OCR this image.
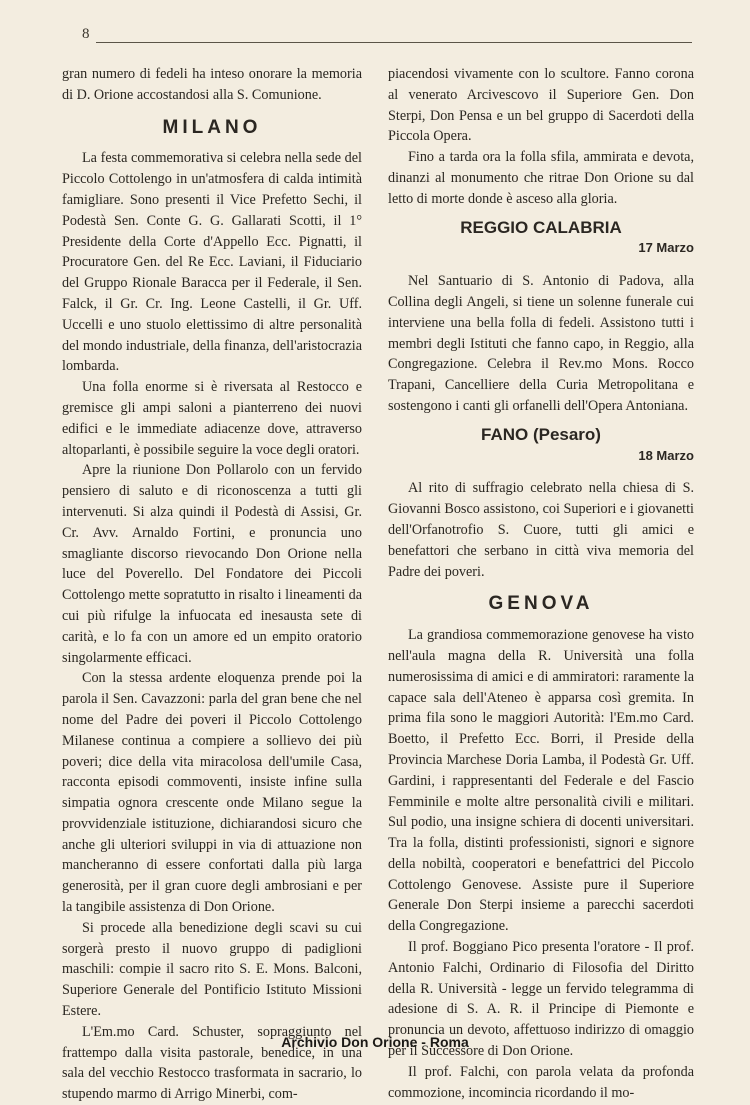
8

gran numero di fedeli ha inteso onorare la memoria di D. Orione accostandosi alla S. Comunione.

MILANO

La festa commemorativa si celebra nella sede del Piccolo Cottolengo in un'atmosfera di calda intimità famigliare. Sono presenti il Vice Prefetto Sechi, il Podestà Sen. Conte G. G. Gallarati Scotti, il 1° Presidente della Corte d'Appello Ecc. Pignatti, il Procuratore Gen. del Re Ecc. Laviani, il Fiduciario del Gruppo Rionale Baracca per il Federale, il Sen. Falck, il Gr. Cr. Ing. Leone Castelli, il Gr. Uff. Uccelli e uno stuolo elettissimo di altre personalità del mondo industriale, della finanza, dell'aristocrazia lombarda.

Una folla enorme si è riversata al Restocco e gremisce gli ampi saloni a pianterreno dei nuovi edifici e le immediate adiacenze dove, attraverso altoparlanti, è possibile seguire la voce degli oratori.

Apre la riunione Don Pollarolo con un fervido pensiero di saluto e di riconoscenza a tutti gli intervenuti. Si alza quindi il Podestà di Assisi, Gr. Cr. Avv. Arnaldo Fortini, e pronuncia uno smagliante discorso rievocando Don Orione nella luce del Poverello. Del Fondatore dei Piccoli Cottolengo mette sopratutto in risalto i lineamenti da cui più rifulge la infuocata ed inesausta sete di carità, e lo fa con un amore ed un empito oratorio singolarmente efficaci.

Con la stessa ardente eloquenza prende poi la parola il Sen. Cavazzoni: parla del gran bene che nel nome del Padre dei poveri il Piccolo Cottolengo Milanese continua a compiere a sollievo dei più poveri; dice della vita miracolosa dell'umile Casa, racconta episodi commoventi, insiste infine sulla simpatia ognora crescente onde Milano segue la provvidenziale istituzione, dichiarandosi sicuro che anche gli ulteriori sviluppi in via di attuazione non mancheranno di essere confortati dalla più larga generosità, per il gran cuore degli ambrosiani e per la tangibile assistenza di Don Orione.

Si procede alla benedizione degli scavi su cui sorgerà presto il nuovo gruppo di padiglioni maschili: compie il sacro rito S. E. Mons. Balconi, Superiore Generale del Pontificio Istituto Missioni Estere.

L'Em.mo Card. Schuster, sopraggiunto nel frattempo dalla visita pastorale, benedice, in una sala del vecchio Restocco trasformata in sacrario, lo stupendo marmo di Arrigo Minerbi, com-

piacendosi vivamente con lo scultore. Fanno corona al venerato Arcivescovo il Superiore Gen. Don Sterpi, Don Pensa e un bel gruppo di Sacerdoti della Piccola Opera.

Fino a tarda ora la folla sfila, ammirata e devota, dinanzi al monumento che ritrae Don Orione su dal letto di morte donde è asceso alla gloria.

REGGIO CALABRIA
17 Marzo

Nel Santuario di S. Antonio di Padova, alla Collina degli Angeli, si tiene un solenne funerale cui interviene una bella folla di fedeli. Assistono tutti i membri degli Istituti che fanno capo, in Reggio, alla Congregazione. Celebra il Rev.mo Mons. Rocco Trapani, Cancelliere della Curia Metropolitana e sostengono i canti gli orfanelli dell'Opera Antoniana.

FANO (Pesaro)
18 Marzo

Al rito di suffragio celebrato nella chiesa di S. Giovanni Bosco assistono, coi Superiori e i giovanetti dell'Orfanotrofio S. Cuore, tutti gli amici e benefattori che serbano in città viva memoria del Padre dei poveri.

GENOVA

La grandiosa commemorazione genovese ha visto nell'aula magna della R. Università una folla numerosissima di amici e di ammiratori: raramente la capace sala dell'Ateneo è apparsa così gremita. In prima fila sono le maggiori Autorità: l'Em.mo Card. Boetto, il Prefetto Ecc. Borri, il Preside della Provincia Marchese Doria Lamba, il Podestà Gr. Uff. Gardini, i rappresentanti del Federale e del Fascio Femminile e molte altre personalità civili e militari. Sul podio, una insigne schiera di docenti universitari. Tra la folla, distinti professionisti, signori e signore della nobiltà, cooperatori e benefattrici del Piccolo Cottolengo Genovese. Assiste pure il Superiore Generale Don Sterpi insieme a parecchi sacerdoti della Congregazione.

Il prof. Boggiano Pico presenta l'oratore - Il prof. Antonio Falchi, Ordinario di Filosofia del Diritto della R. Università - legge un fervido telegramma di adesione di S. A. R. il Principe di Piemonte e pronuncia un devoto, affettuoso indirizzo di omaggio per il Successore di Don Orione.

Il prof. Falchi, con parola velata da profonda commozione, incomincia ricordando il mo-

Archivio Don Orione - Roma
